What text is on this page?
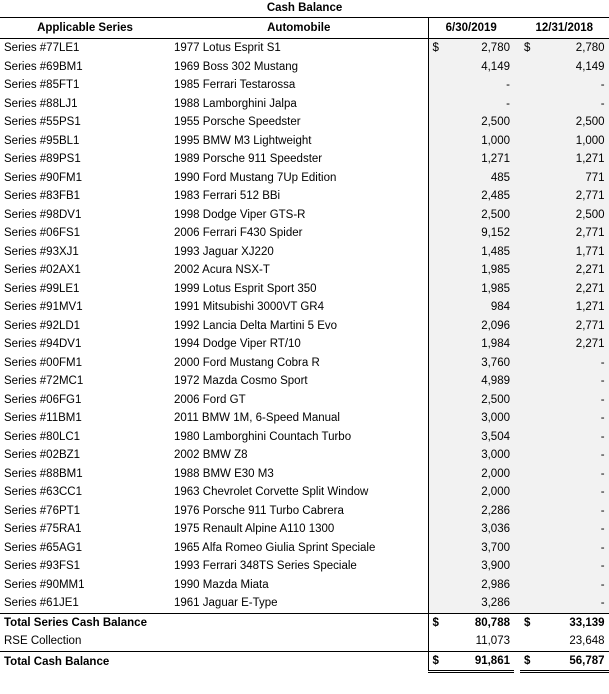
Cash Balance						
Applicable Series	Automobile	6/30/2019			12/31/2018	
Series #77LE1	1977 Lotus Esprit S1	$	2,780		$	2,780
Series #69BM1	1969 Boss 302 Mustang		4,149			4,149
Series #85FT1	1985 Ferrari Testarossa		-			-
Series #88LJ1	1988 Lamborghini Jalpa		-			-
Series #55PS1	1955 Porsche Speedster		2,500			2,500
Series #95BL1	1995 BMW M3 Lightweight		1,000			1,000
Series #89PS1	1989 Porsche 911 Speedster		1,271			1,271
Series #90FM1	1990 Ford Mustang 7Up Edition		485			771
Series #83FB1	1983 Ferrari 512 BBi		2,485			2,771
Series #98DV1	1998 Dodge Viper GTS-R		2,500			2,500
Series #06FS1	2006 Ferrari F430 Spider		9,152			2,771
Series #93XJ1	1993 Jaguar XJ220		1,485			1,771
Series #02AX1	2002 Acura NSX-T		1,985			2,271
Series #99LE1	1999 Lotus Esprit Sport 350		1,985			2,271
Series #91MV1	1991 Mitsubishi 3000VT GR4		984			1,271
Series #92LD1	1992 Lancia Delta Martini 5 Evo		2,096			2,771
Series #94DV1	1994 Dodge Viper RT/10		1,984			2,271
Series #00FM1	2000 Ford Mustang Cobra R		3,760			-
Series #72MC1	1972 Mazda Cosmo Sport		4,989			-
Series #06FG1	2006 Ford GT		2,500			-
Series #11BM1	2011 BMW 1M, 6-Speed Manual		3,000			-
Series #80LC1	1980 Lamborghini Countach Turbo		3,504			-
Series #02BZ1	2002 BMW Z8		3,000			-
Series #88BM1	1988 BMW E30 M3		2,000			-
Series #63CC1	1963 Chevrolet Corvette Split Window		2,000			-
Series #76PT1	1976 Porsche 911 Turbo Cabrera		2,286			-
Series #75RA1	1975 Renault Alpine A110 1300		3,036			-
Series #65AG1	1965 Alfa Romeo Giulia Sprint Speciale		3,700			-
Series #93FS1	1993 Ferrari 348TS Series Speciale		3,900			-
Series #90MM1	1990 Mazda Miata		2,986			-
Series #61JE1	1961 Jaguar E-Type		3,286			-
Total Series Cash Balance		$	80,788		$	33,139
RSE Collection			11,073			23,648
Total Cash Balance		$	91,861		$	56,787
